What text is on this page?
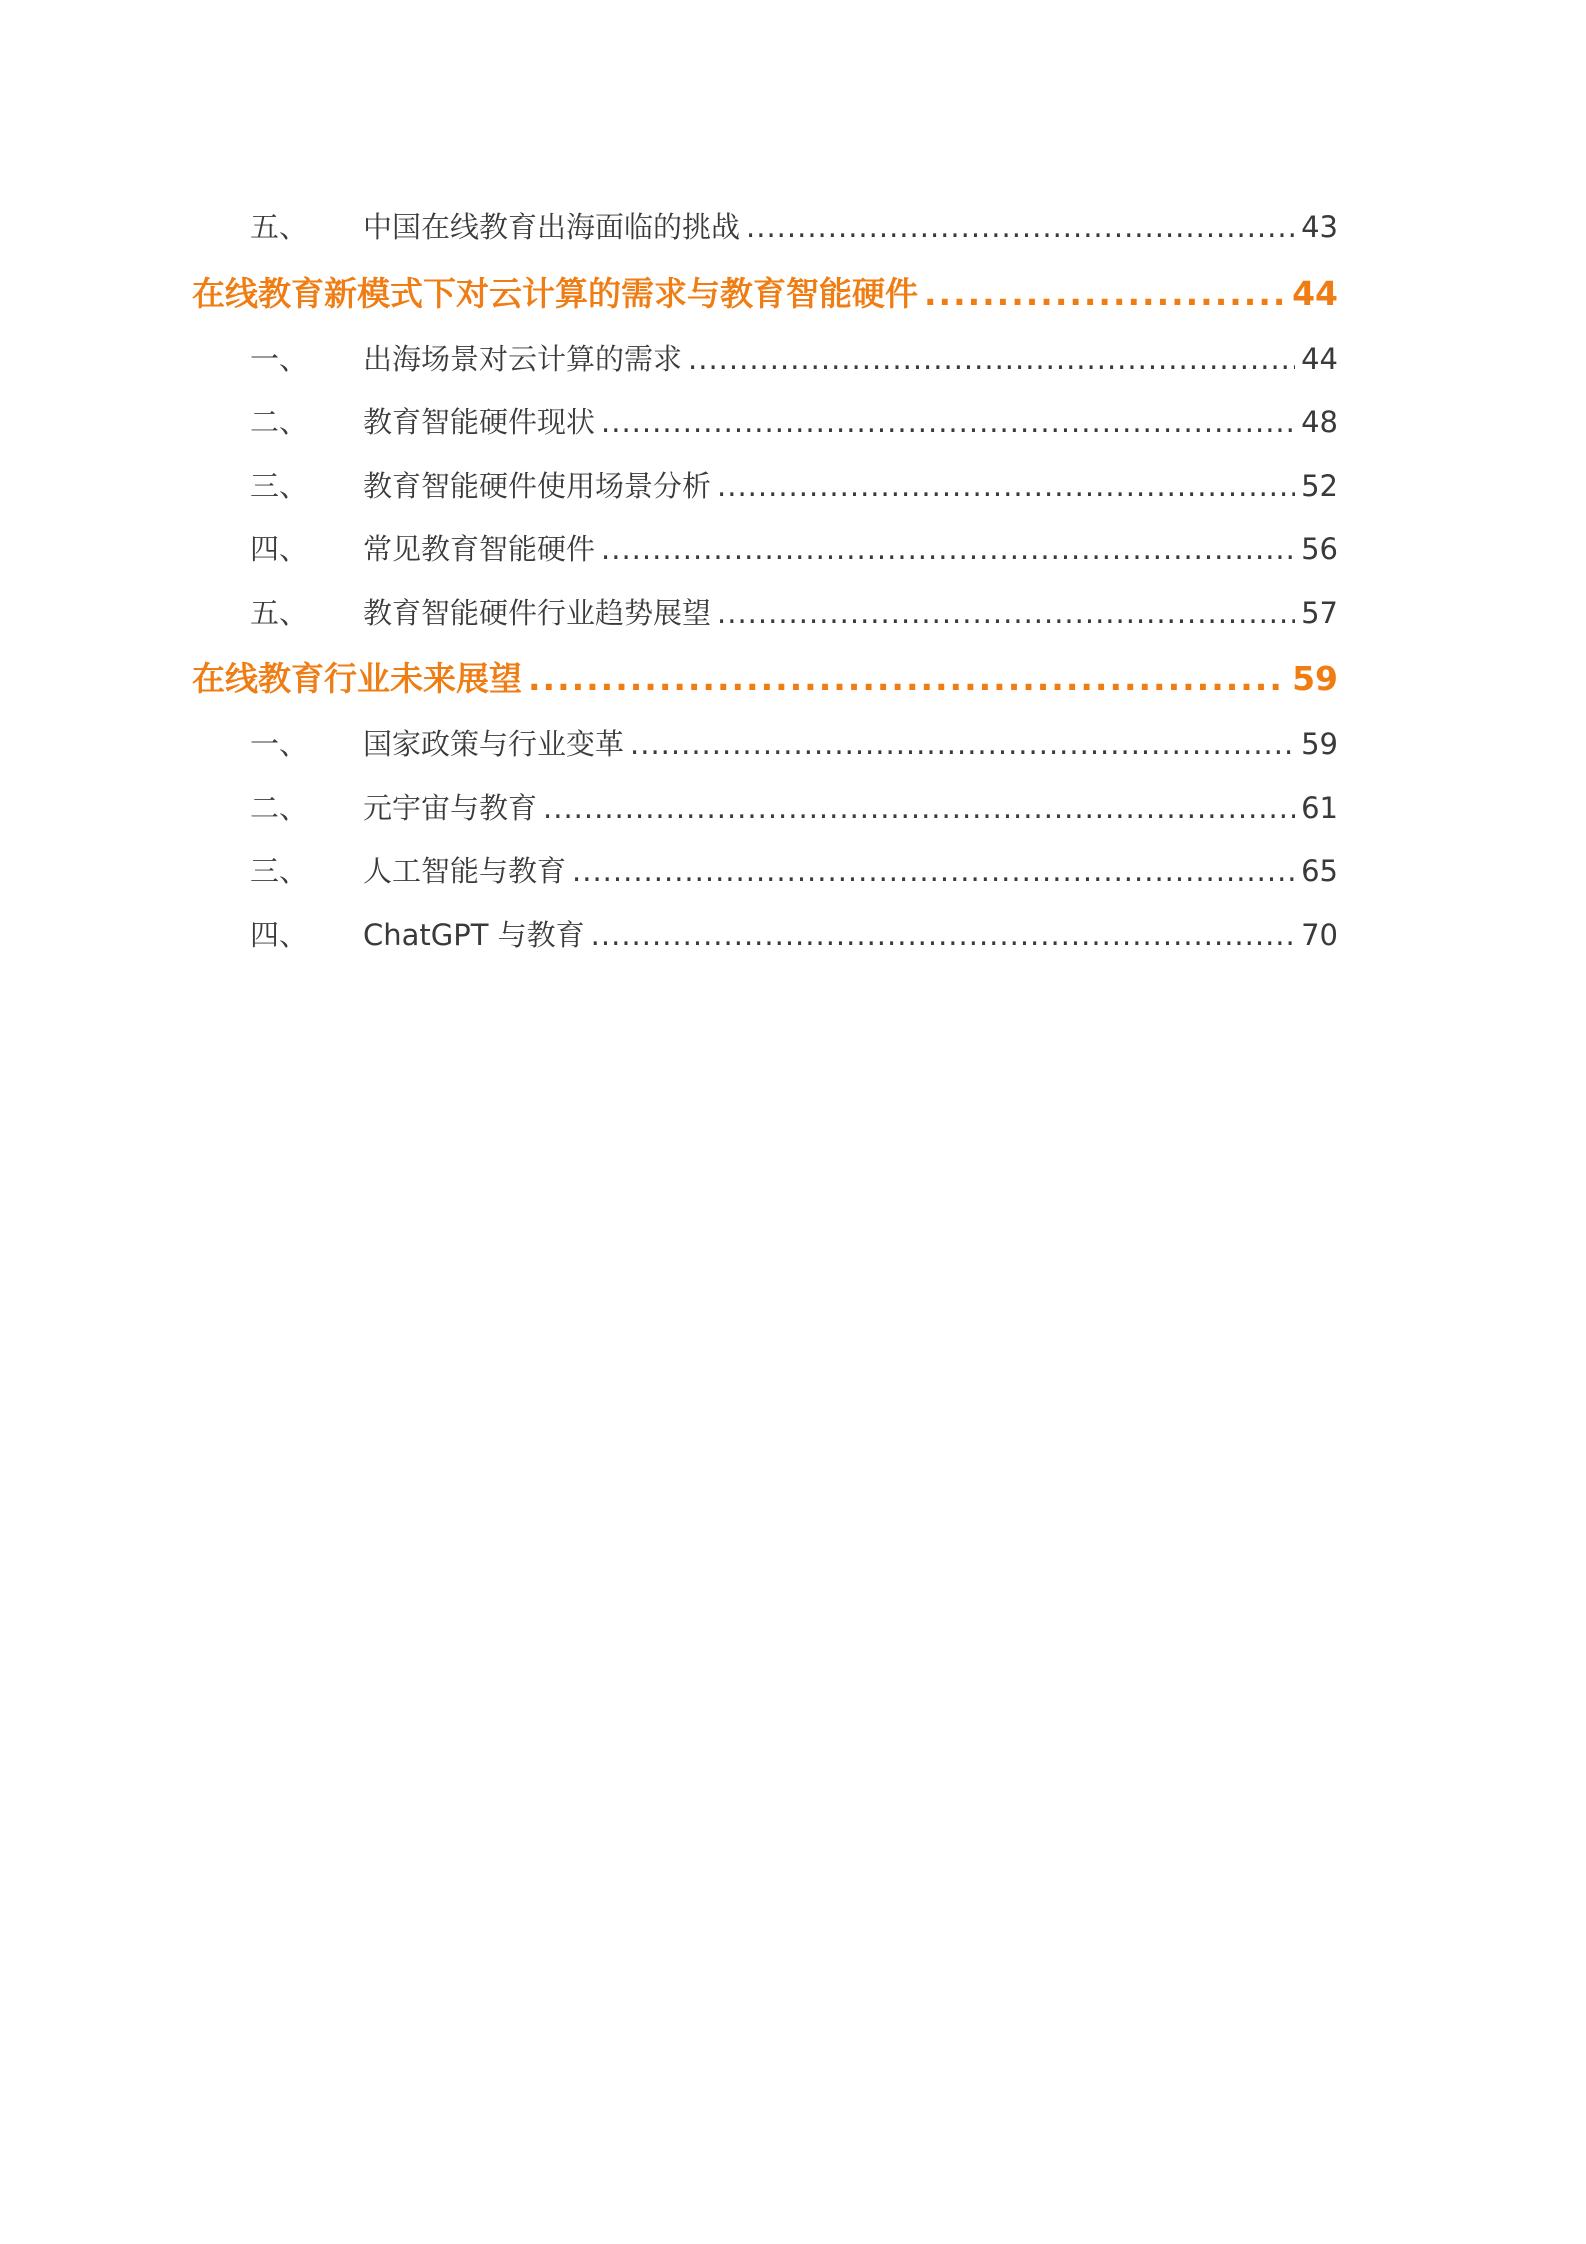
五、	中国在线教育出海面临的挑战 .....	43
在线教育新模式下对云计算的需求与教育智能硬件 .....	44
一、	出海场景对云计算的需求 .....	44
二、	教育智能硬件现状 .....	48
三、	教育智能硬件使用场景分析 .....	52
四、	常见教育智能硬件 .....	56
五、	教育智能硬件行业趋势展望 .....	57
在线教育行业未来展望 .....	59
一、	国家政策与行业变革 .....	59
二、	元宇宙与教育 .....	61
三、	人工智能与教育 .....	65
四、	ChatGPT 与教育 .....	70
